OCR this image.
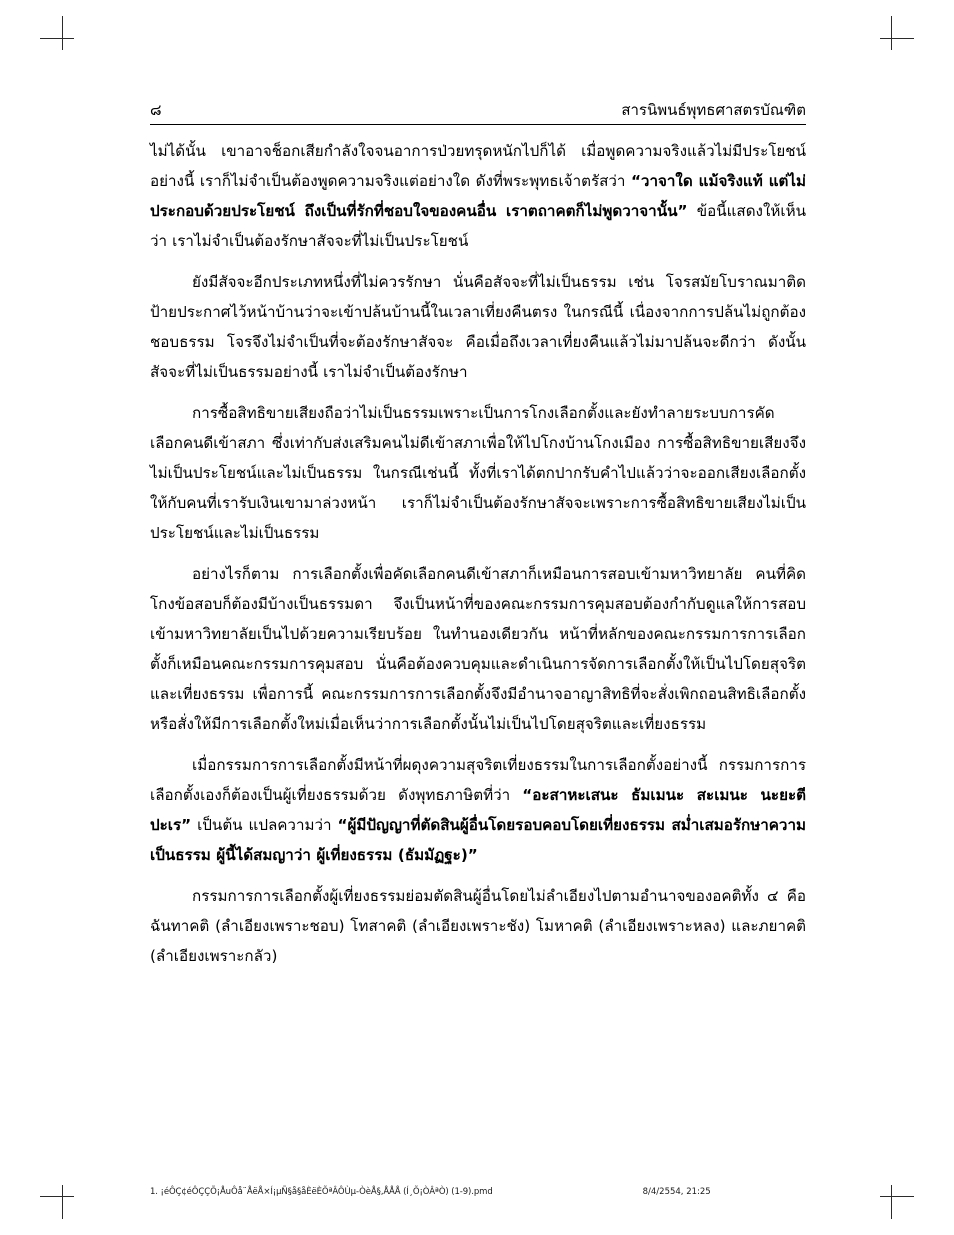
๘	สารนิพนธ์พุทธศาสตรบัณฑิต

ไม่ได้นั้น เขาอาจช็อกเสียกำลังใจจนอาการป่วยทรุดหนักไปก็ได้ เมื่อพูดความจริงแล้วไม่มีประโยชน์อย่างนี้ เราก็ไม่จำเป็นต้องพูดความจริงแต่อย่างใด ดังที่พระพุทธเจ้าตรัสว่า “วาจาใด แม้จริงแท้ แต่ไม่ประกอบด้วยประโยชน์ ถึงเป็นที่รักที่ชอบใจของคนอื่น เราตถาคตก็ไม่พูดวาจานั้น” ข้อนี้แสดงให้เห็นว่า เราไม่จำเป็นต้องรักษาสัจจะที่ไม่เป็นประโยชน์

ยังมีสัจจะอีกประเภทหนึ่งที่ไม่ควรรักษา นั่นคือสัจจะที่ไม่เป็นธรรม เช่น โจรสมัยโบราณมาติดป้ายประกาศไว้หน้าบ้านว่าจะเข้าปล้นบ้านนี้ในเวลาเที่ยงคืนตรง ในกรณีนี้ เนื่องจากการปล้นไม่ถูกต้องชอบธรรม โจรจึงไม่จำเป็นที่จะต้องรักษาสัจจะ คือเมื่อถึงเวลาเที่ยงคืนแล้วไม่มาปล้นจะดีกว่า ดังนั้น สัจจะที่ไม่เป็นธรรมอย่างนี้ เราไม่จำเป็นต้องรักษา

การซื้อสิทธิขายเสียงถือว่าไม่เป็นธรรมเพราะเป็นการโกงเลือกตั้งและยังทำลายระบบการคัดเลือกคนดีเข้าสภา ซึ่งเท่ากับส่งเสริมคนไม่ดีเข้าสภาเพื่อให้ไปโกงบ้านโกงเมือง การซื้อสิทธิขายเสียงจึงไม่เป็นประโยชน์และไม่เป็นธรรม ในกรณีเช่นนี้ ทั้งที่เราได้ตกปากรับคำไปแล้วว่าจะออกเสียงเลือกตั้งให้กับคนที่เรารับเงินเขามาล่วงหน้า เราก็ไม่จำเป็นต้องรักษาสัจจะเพราะการซื้อสิทธิขายเสียงไม่เป็นประโยชน์และไม่เป็นธรรม

อย่างไรก็ตาม การเลือกตั้งเพื่อคัดเลือกคนดีเข้าสภาก็เหมือนการสอบเข้ามหาวิทยาลัย คนที่คิดโกงข้อสอบก็ต้องมีบ้างเป็นธรรมดา จึงเป็นหน้าที่ของคณะกรรมการคุมสอบต้องกำกับดูแลให้การสอบเข้ามหาวิทยาลัยเป็นไปด้วยความเรียบร้อย ในทำนองเดียวกัน หน้าที่หลักของคณะกรรมการการเลือกตั้งก็เหมือนคณะกรรมการคุมสอบ นั่นคือต้องควบคุมและดำเนินการจัดการเลือกตั้งให้เป็นไปโดยสุจริตและเที่ยงธรรม เพื่อการนี้ คณะกรรมการการเลือกตั้งจึงมีอำนาจอาญาสิทธิที่จะสั่งเพิกถอนสิทธิเลือกตั้งหรือสั่งให้มีการเลือกตั้งใหม่เมื่อเห็นว่าการเลือกตั้งนั้นไม่เป็นไปโดยสุจริตและเที่ยงธรรม

เมื่อกรรมการการเลือกตั้งมีหน้าที่ผดุงความสุจริตเที่ยงธรรมในการเลือกตั้งอย่างนี้ กรรมการการเลือกตั้งเองก็ต้องเป็นผู้เที่ยงธรรมด้วย ดังพุทธภาษิตที่ว่า “อะสาหะเสนะ ธัมเมนะ สะเมนะ นะยะตี ปะเร” เป็นต้น แปลความว่า “ผู้มีปัญญาที่ตัดสินผู้อื่นโดยรอบคอบโดยเที่ยงธรรม สม่ำเสมอรักษาความเป็นธรรม ผู้นี้ได้สมญาว่า ผู้เที่ยงธรรม (ธัมมัฏฐะ)”

กรรมการการเลือกตั้งผู้เที่ยงธรรมย่อมตัดสินผู้อื่นโดยไม่ลำเอียงไปตามอำนาจของอคติทั้ง ๔ คือ ฉันทาคติ (ลำเอียงเพราะชอบ) โทสาคติ (ลำเอียงเพราะชัง) โมหาคติ (ลำเอียงเพราะหลง) และภยาคติ (ลำเอียงเพราะกลัว)

1. ¡éÔÇ¢éÔÇÇÕ¡ÅuÔå¨ÅëÅ×Í¡µÑ§å§åÈëÈÕªÂÔÙµ-ÒèÅ§‚ÅÅÅ (Í¸Õ¡ÒÂªÒ) (1-9).pmd	8/4/2554, 21:25
